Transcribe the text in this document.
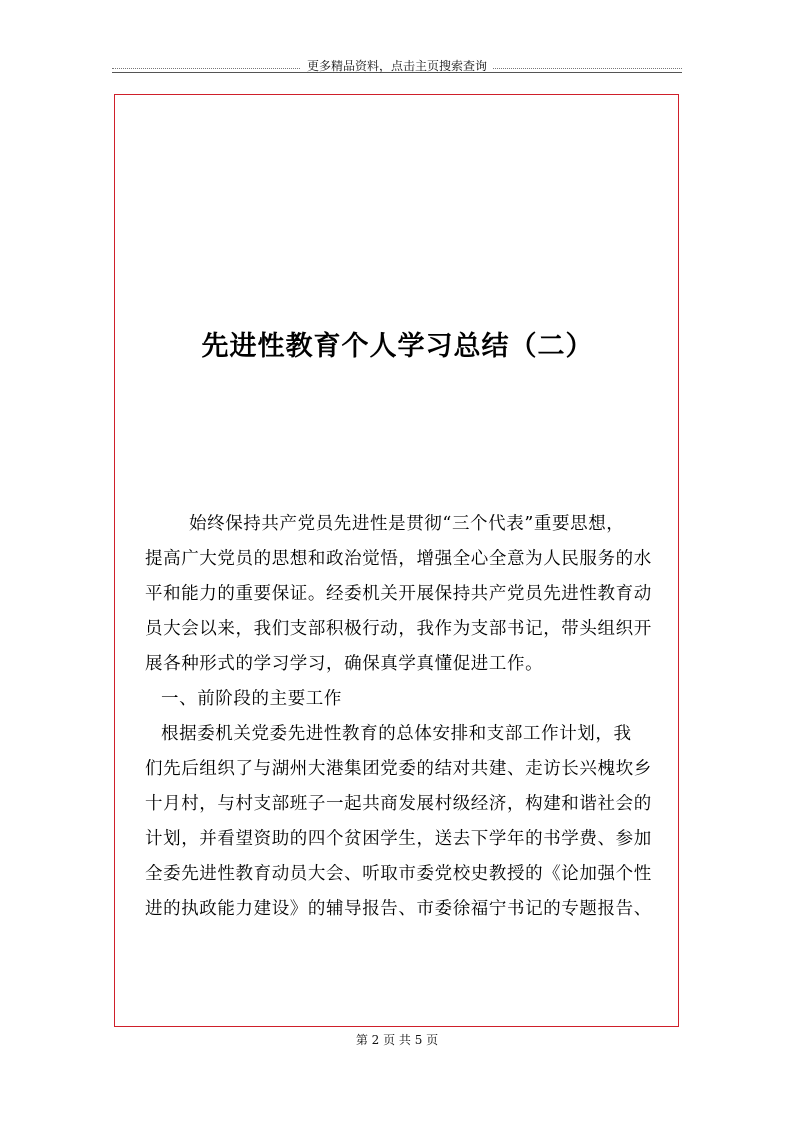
更多精品资料，点击主页搜索查询
先进性教育个人学习总结（二）
始终保持共产党员先进性是贯彻“三个代表”重要思想，
提高广大党员的思想和政治觉悟，增强全心全意为人民服务的水
平和能力的重要保证。经委机关开展保持共产党员先进性教育动
员大会以来，我们支部积极行动，我作为支部书记，带头组织开
展各种形式的学习学习，确保真学真懂促进工作。
一、前阶段的主要工作
根据委机关党委先进性教育的总体安排和支部工作计划，我
们先后组织了与湖州大港集团党委的结对共建、走访长兴槐坎乡
十月村，与村支部班子一起共商发展村级经济，构建和谐社会的
计划，并看望资助的四个贫困学生，送去下学年的书学费、参加
全委先进性教育动员大会、听取市委党校史教授的《论加强个性
进的执政能力建设》的辅导报告、市委徐福宁书记的专题报告、
第 2 页 共 5 页
